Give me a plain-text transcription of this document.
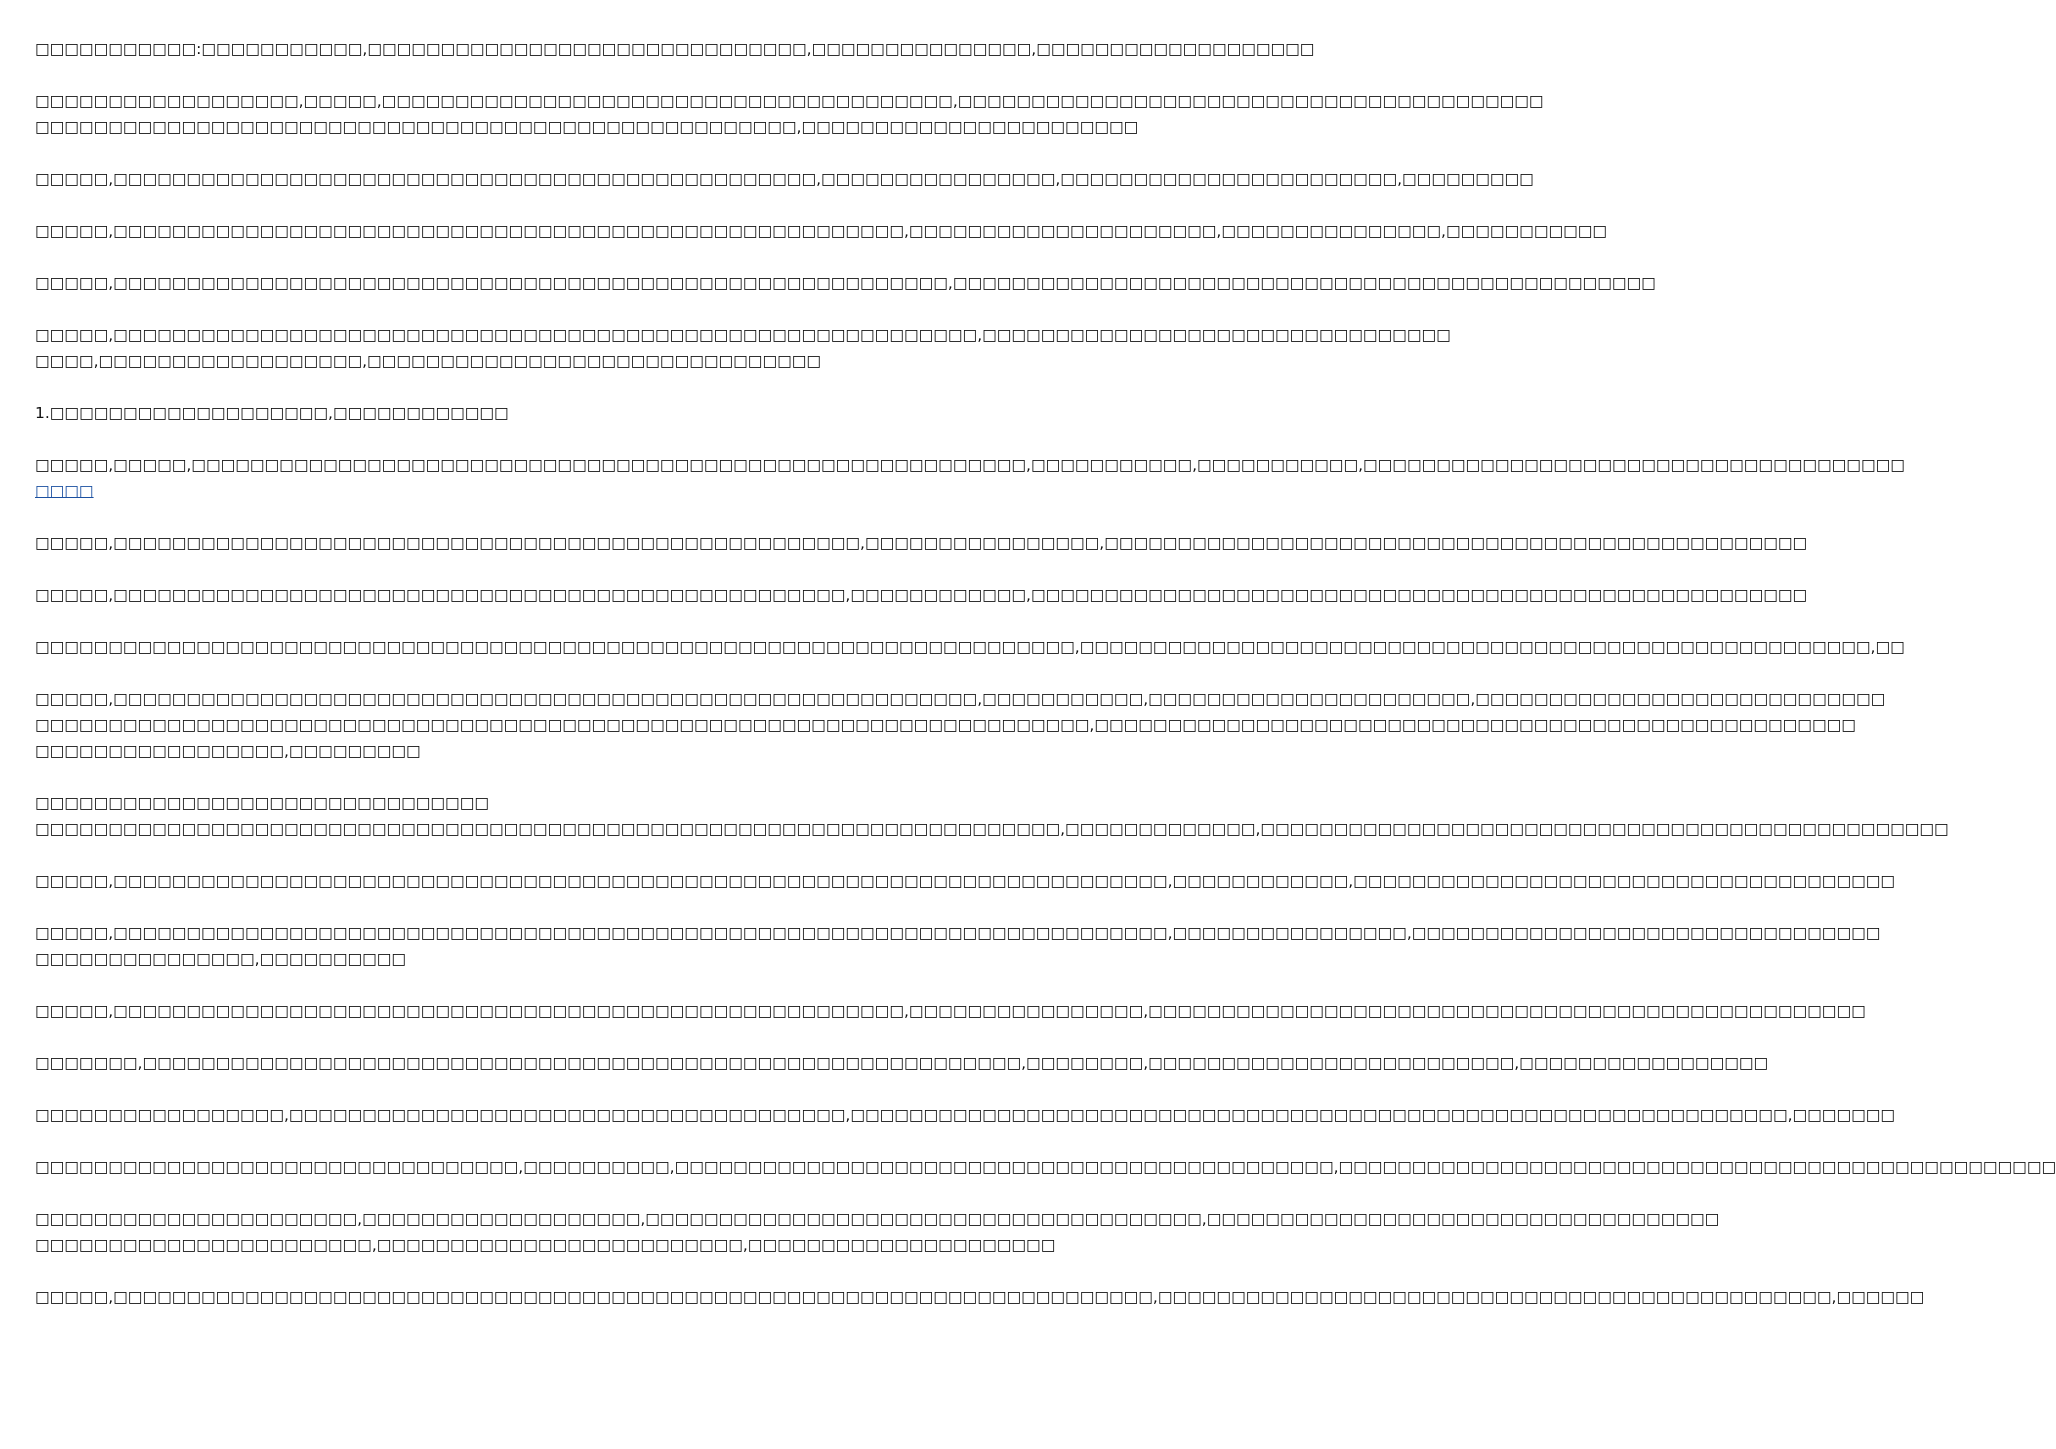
□□□□□□□□□□□:□□□□□□□□□□□,□□□□□□□□□□□□□□□□□□□□□□□□□□□□□□,□□□□□□□□□□□□□□□,□□□□□□□□□□□□□□□□□□□

□□□□□□□□□□□□□□□□□□,□□□□□,□□□□□□□□□□□□□□□□□□□□□□□□□□□□□□□□□□□□□□□,□□□□□□□□□□□□□□□□□□□□□□□□□□□□□□□□□□□□□□□□
□□□□□□□□□□□□□□□□□□□□□□□□□□□□□□□□□□□□□□□□□□□□□□□□□□□□,□□□□□□□□□□□□□□□□□□□□□□□

□□□□□,□□□□□□□□□□□□□□□□□□□□□□□□□□□□□□□□□□□□□□□□□□□□□□□□,□□□□□□□□□□□□□□□□,□□□□□□□□□□□□□□□□□□□□□□□,□□□□□□□□□

□□□□□,□□□□□□□□□□□□□□□□□□□□□□□□□□□□□□□□□□□□□□□□□□□□□□□□□□□□□□,□□□□□□□□□□□□□□□□□□□□□,□□□□□□□□□□□□□□□,□□□□□□□□□□□

□□□□□,□□□□□□□□□□□□□□□□□□□□□□□□□□□□□□□□□□□□□□□□□□□□□□□□□□□□□□□□□,□□□□□□□□□□□□□□□□□□□□□□□□□□□□□□□□□□□□□□□□□□□□□□□□

□□□□□,□□□□□□□□□□□□□□□□□□□□□□□□□□□□□□□□□□□□□□□□□□□□□□□□□□□□□□□□□□□,□□□□□□□□□□□□□□□□□□□□□□□□□□□□□□□□
□□□□,□□□□□□□□□□□□□□□□□□,□□□□□□□□□□□□□□□□□□□□□□□□□□□□□□□

1.□□□□□□□□□□□□□□□□□□□,□□□□□□□□□□□□

□□□□□,□□□□□,□□□□□□□□□□□□□□□□□□□□□□□□□□□□□□□□□□□□□□□□□□□□□□□□□□□□□□□□□,□□□□□□□□□□□,□□□□□□□□□□□,□□□□□□□□□□□□□□□□□□□□□□□□□□□□□□□□□□□□□
□□□□

□□□□□,□□□□□□□□□□□□□□□□□□□□□□□□□□□□□□□□□□□□□□□□□□□□□□□□□□□,□□□□□□□□□□□□□□□□,□□□□□□□□□□□□□□□□□□□□□□□□□□□□□□□□□□□□□□□□□□□□□□□□

□□□□□,□□□□□□□□□□□□□□□□□□□□□□□□□□□□□□□□□□□□□□□□□□□□□□□□□□,□□□□□□□□□□□□,□□□□□□□□□□□□□□□□□□□□□□□□□□□□□□□□□□□□□□□□□□□□□□□□□□□□□

□□□□□□□□□□□□□□□□□□□□□□□□□□□□□□□□□□□□□□□□□□□□□□□□□□□□□□□□□□□□□□□□□□□□□□□,□□□□□□□□□□□□□□□□□□□□□□□□□□□□□□□□□□□□□□□□□□□□□□□□□□□□□□,□□

□□□□□,□□□□□□□□□□□□□□□□□□□□□□□□□□□□□□□□□□□□□□□□□□□□□□□□□□□□□□□□□□□,□□□□□□□□□□□,□□□□□□□□□□□□□□□□□□□□□□,□□□□□□□□□□□□□□□□□□□□□□□□□□□□
□□□□□□□□□□□□□□□□□□□□□□□□□□□□□□□□□□□□□□□□□□□□□□□□□□□□□□□□□□□□□□□□□□□□□□□□,□□□□□□□□□□□□□□□□□□□□□□□□□□□□□□□□□□□□□□□□□□□□□□□□□□□□
□□□□□□□□□□□□□□□□□,□□□□□□□□□

□□□□□□□□□□□□□□□□□□□□□□□□□□□□□□□
□□□□□□□□□□□□□□□□□□□□□□□□□□□□□□□□□□□□□□□□□□□□□□□□□□□□□□□□□□□□□□□□□□□□□□,□□□□□□□□□□□□□,□□□□□□□□□□□□□□□□□□□□□□□□□□□□□□□□□□□□□□□□□□□□□□□

□□□□□,□□□□□□□□□□□□□□□□□□□□□□□□□□□□□□□□□□□□□□□□□□□□□□□□□□□□□□□□□□□□□□□□□□□□□□□□,□□□□□□□□□□□□,□□□□□□□□□□□□□□□□□□□□□□□□□□□□□□□□□□□□□

□□□□□,□□□□□□□□□□□□□□□□□□□□□□□□□□□□□□□□□□□□□□□□□□□□□□□□□□□□□□□□□□□□□□□□□□□□□□□□,□□□□□□□□□□□□□□□□,□□□□□□□□□□□□□□□□□□□□□□□□□□□□□□□□
□□□□□□□□□□□□□□□,□□□□□□□□□□

□□□□□,□□□□□□□□□□□□□□□□□□□□□□□□□□□□□□□□□□□□□□□□□□□□□□□□□□□□□□,□□□□□□□□□□□□□□□□,□□□□□□□□□□□□□□□□□□□□□□□□□□□□□□□□□□□□□□□□□□□□□□□□□

□□□□□□□,□□□□□□□□□□□□□□□□□□□□□□□□□□□□□□□□□□□□□□□□□□□□□□□□□□□□□□□□□□□□,□□□□□□□□,□□□□□□□□□□□□□□□□□□□□□□□□□,□□□□□□□□□□□□□□□□□

□□□□□□□□□□□□□□□□□,□□□□□□□□□□□□□□□□□□□□□□□□□□□□□□□□□□□□□□,□□□□□□□□□□□□□□□□□□□□□□□□□□□□□□□□□□□□□□□□□□□□□□□□□□□□□□□□□□□□□□□□,□□□□□□□

□□□□□□□□□□□□□□□□□□□□□□□□□□□□□□□□□,□□□□□□□□□□,□□□□□□□□□□□□□□□□□□□□□□□□□□□□□□□□□□□□□□□□□□□□□,□□□□□□□□□□□□□□□□□□□□□□□□□□□□□□□□□□□□□□□□□□□□□□□□□

□□□□□□□□□□□□□□□□□□□□□□,□□□□□□□□□□□□□□□□□□□,□□□□□□□□□□□□□□□□□□□□□□□□□□□□□□□□□□□□□□,□□□□□□□□□□□□□□□□□□□□□□□□□□□□□□□□□□□
□□□□□□□□□□□□□□□□□□□□□□□,□□□□□□□□□□□□□□□□□□□□□□□□□,□□□□□□□□□□□□□□□□□□□□□

□□□□□,□□□□□□□□□□□□□□□□□□□□□□□□□□□□□□□□□□□□□□□□□□□□□□□□□□□□□□□□□□□□□□□□□□□□□□□,□□□□□□□□□□□□□□□□□□□□□□□□□□□□□□□□□□□□□□□□□□□□□□,□□□□□□
